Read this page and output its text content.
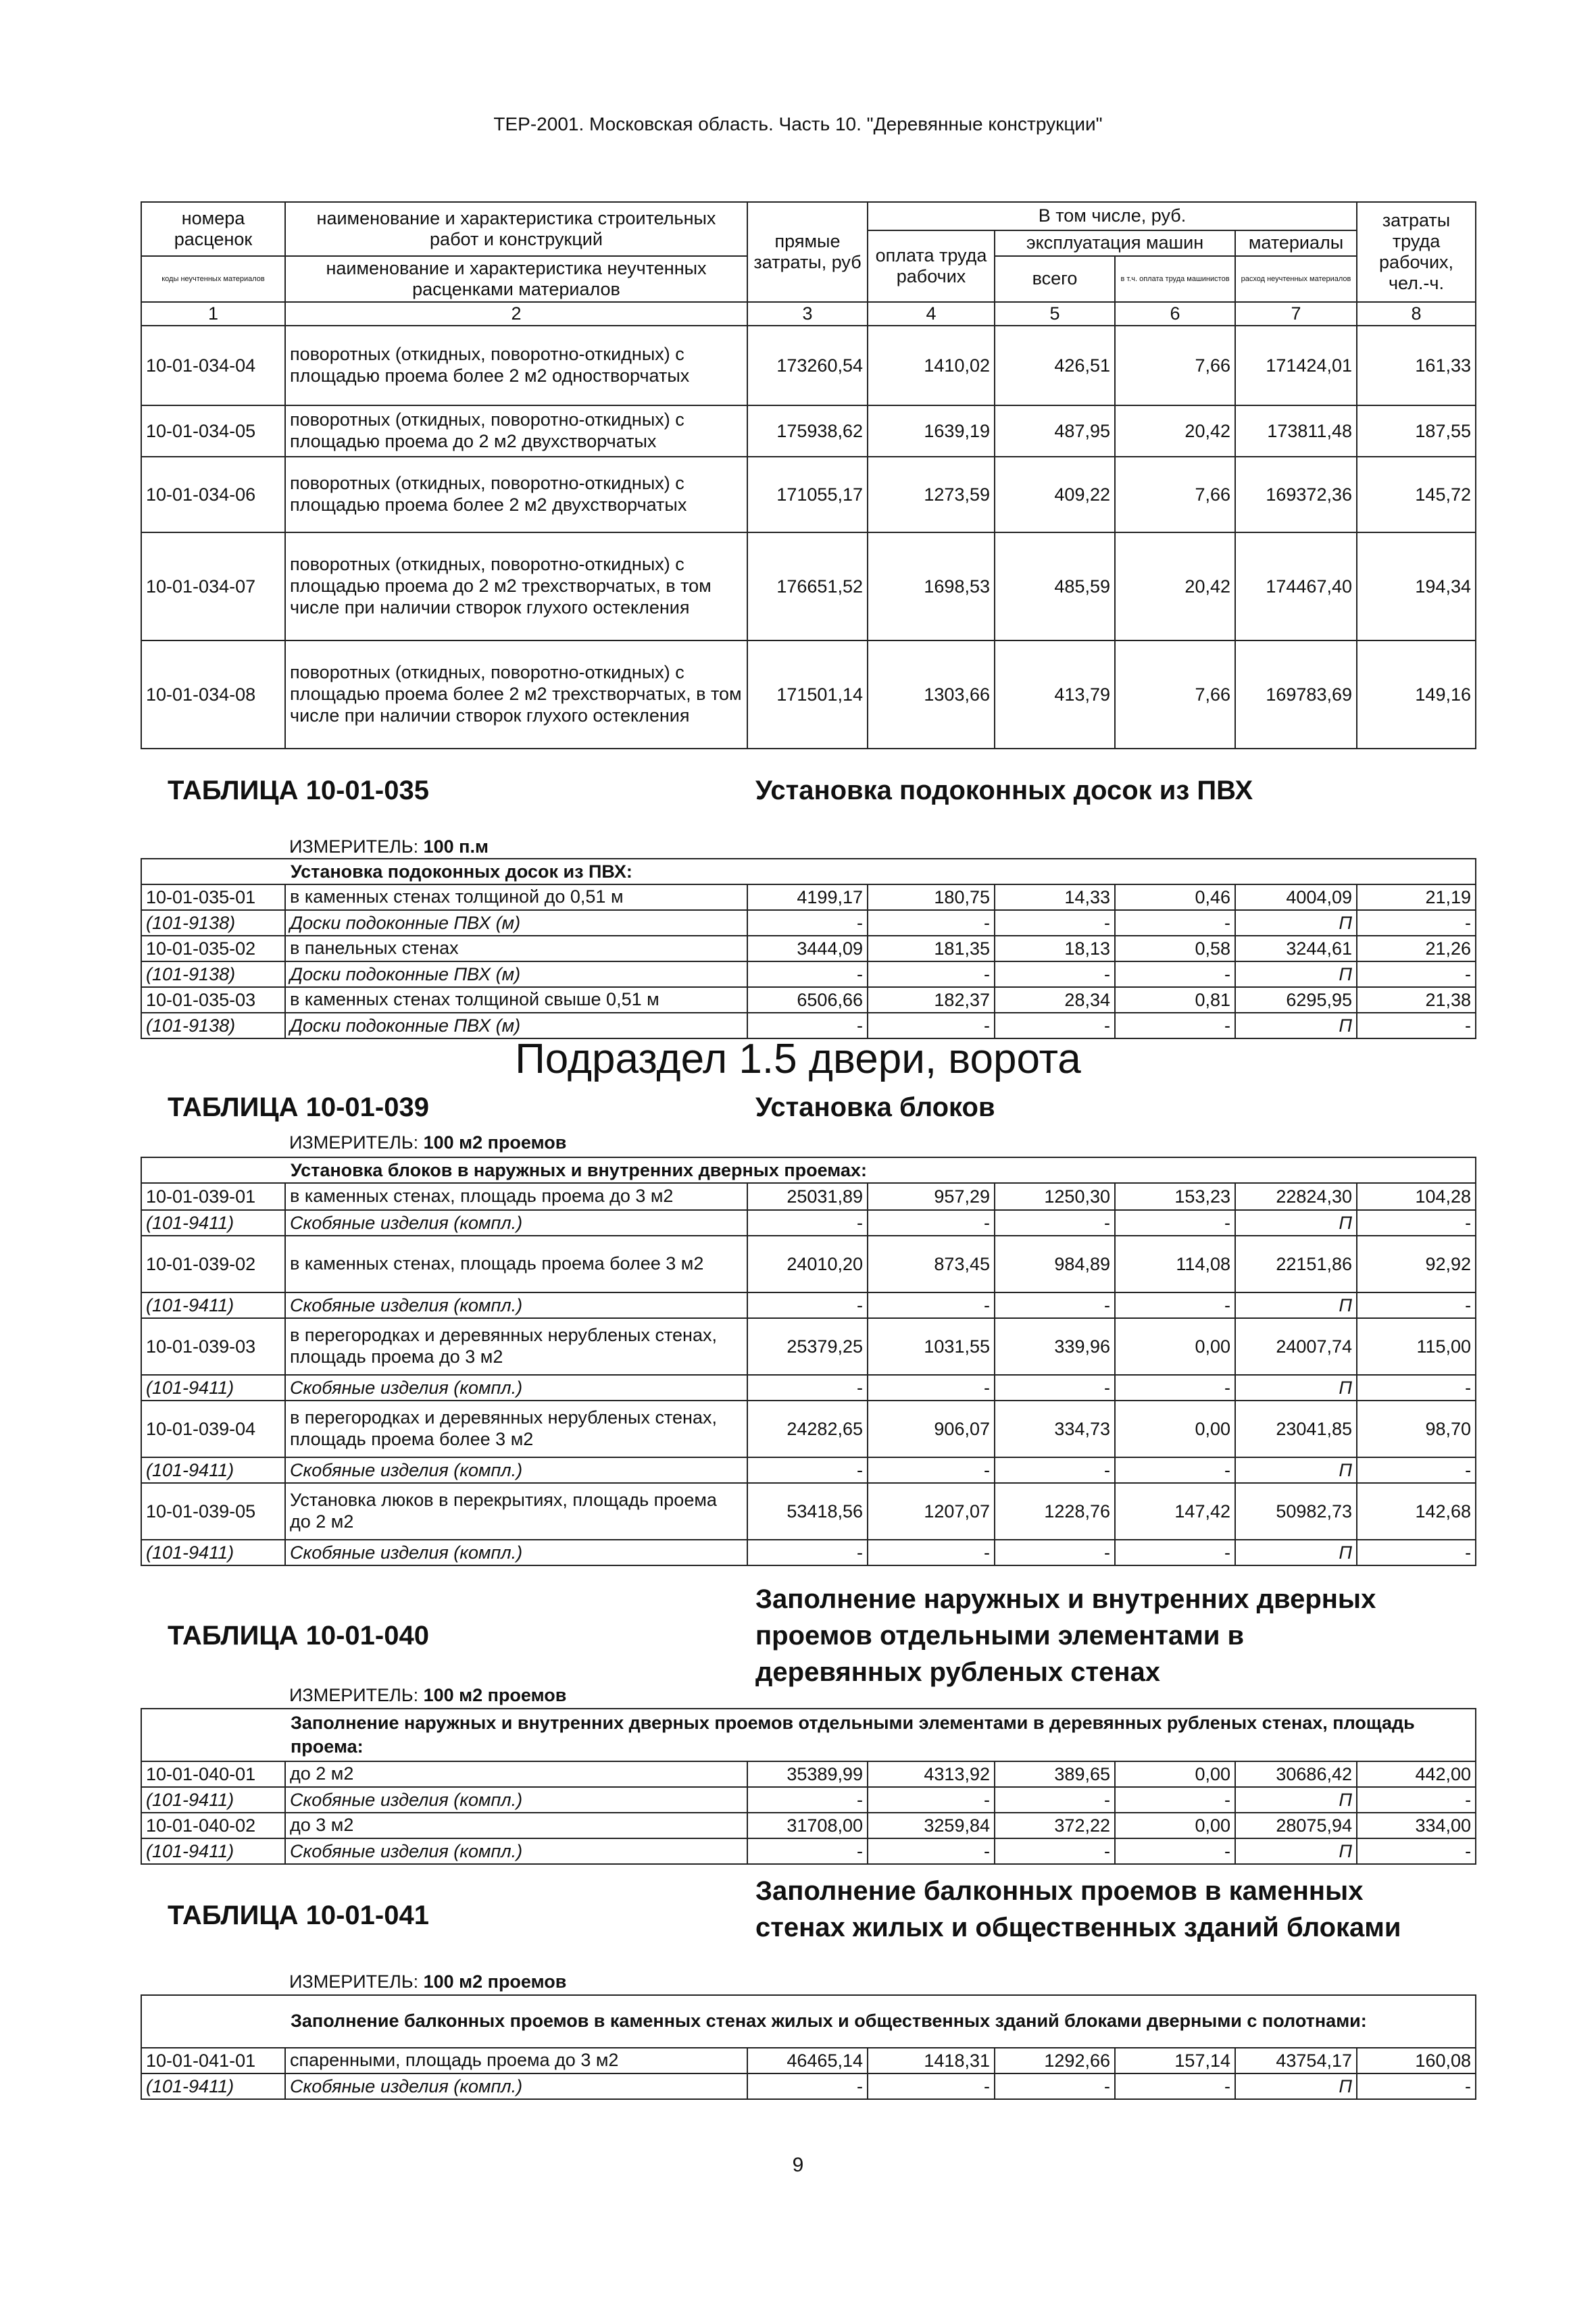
ТЕР-2001. Московская область. Часть 10. "Деревянные конструкции"
номера расценок	наименование и характеристика строительных работ и конструкций	прямые затраты, руб	В том числе, руб.				затраты труда рабочих, чел.-ч.
			оплата труда рабочих	эксплуатация машин		материалы	
коды неучтенных материалов	наименование и характеристика неучтенных расценками материалов			всего	в т.ч. оплата труда машинистов	расход неучтенных материалов	

1	2	3	4	5	6	7	8
10-01-034-04	поворотных (откидных, поворотно-откидных) с площадью проема более 2 м2 одностворчатых	173260,54	1410,02	426,51	7,66	171424,01	161,33
10-01-034-05	поворотных (откидных, поворотно-откидных) с площадью проема до 2 м2 двухстворчатых	175938,62	1639,19	487,95	20,42	173811,48	187,55
10-01-034-06	поворотных (откидных, поворотно-откидных) с площадью проема более 2 м2 двухстворчатых	171055,17	1273,59	409,22	7,66	169372,36	145,72
10-01-034-07	поворотных (откидных, поворотно-откидных) с площадью проема до 2 м2 трехстворчатых, в том числе при наличии створок глухого остекления	176651,52	1698,53	485,59	20,42	174467,40	194,34
10-01-034-08	поворотных (откидных, поворотно-откидных) с площадью проема более 2 м2 трехстворчатых, в том числе при наличии створок глухого остекления	171501,14	1303,66	413,79	7,66	169783,69	149,16
ТАБЛИЦА 10-01-035	Установка подоконных досок из ПВХ
ИЗМЕРИТЕЛЬ: 100 п.м
Установка подоконных досок из ПВХ:							
10-01-035-01	в каменных стенах толщиной до 0,51 м	4199,17	180,75	14,33	0,46	4004,09	21,19
(101-9138)	Доски подоконные ПВХ (м)	-	-	-	-	П	-
10-01-035-02	в панельных стенах	3444,09	181,35	18,13	0,58	3244,61	21,26
(101-9138)	Доски подоконные ПВХ (м)	-	-	-	-	П	-
10-01-035-03	в каменных стенах толщиной свыше 0,51 м	6506,66	182,37	28,34	0,81	6295,95	21,38
(101-9138)	Доски подоконные ПВХ (м)	-	-	-	-	П	-
Подраздел 1.5 двери, ворота
ТАБЛИЦА 10-01-039	Установка блоков
ИЗМЕРИТЕЛЬ: 100 м2 проемов
Установка блоков в наружных и внутренних дверных проемах:							
10-01-039-01	в каменных стенах, площадь проема до 3 м2	25031,89	957,29	1250,30	153,23	22824,30	104,28
(101-9411)	Скобяные изделия (компл.)	-	-	-	-	П	-
10-01-039-02	в каменных стенах, площадь проема более 3 м2	24010,20	873,45	984,89	114,08	22151,86	92,92
(101-9411)	Скобяные изделия (компл.)	-	-	-	-	П	-
10-01-039-03	в перегородках и деревянных нерубленых стенах, площадь проема до 3 м2	25379,25	1031,55	339,96	0,00	24007,74	115,00
(101-9411)	Скобяные изделия (компл.)	-	-	-	-	П	-
10-01-039-04	в перегородках и деревянных нерубленых стенах, площадь проема более 3 м2	24282,65	906,07	334,73	0,00	23041,85	98,70
(101-9411)	Скобяные изделия (компл.)	-	-	-	-	П	-
10-01-039-05	Установка люков в перекрытиях, площадь проема до 2 м2	53418,56	1207,07	1228,76	147,42	50982,73	142,68
(101-9411)	Скобяные изделия (компл.)	-	-	-	-	П	-
Заполнение наружных и внутренних дверных
проемов отдельными элементами в
деревянных рубленых стенах
ТАБЛИЦА 10-01-040
ИЗМЕРИТЕЛЬ: 100 м2 проемов
Заполнение наружных и внутренних дверных проемов отдельными элементами в деревянных рубленых стенах, площадь проема:							
10-01-040-01	до 2 м2	35389,99	4313,92	389,65	0,00	30686,42	442,00
(101-9411)	Скобяные изделия (компл.)	-	-	-	-	П	-
10-01-040-02	до 3 м2	31708,00	3259,84	372,22	0,00	28075,94	334,00
(101-9411)	Скобяные изделия (компл.)	-	-	-	-	П	-
Заполнение балконных проемов в каменных
стенах жилых и общественных зданий блоками
ТАБЛИЦА 10-01-041
ИЗМЕРИТЕЛЬ: 100 м2 проемов
Заполнение балконных проемов в каменных стенах жилых и общественных зданий блоками дверными с полотнами:							
10-01-041-01	спаренными, площадь проема до 3 м2	46465,14	1418,31	1292,66	157,14	43754,17	160,08
(101-9411)	Скобяные изделия (компл.)	-	-	-	-	П	-
9
